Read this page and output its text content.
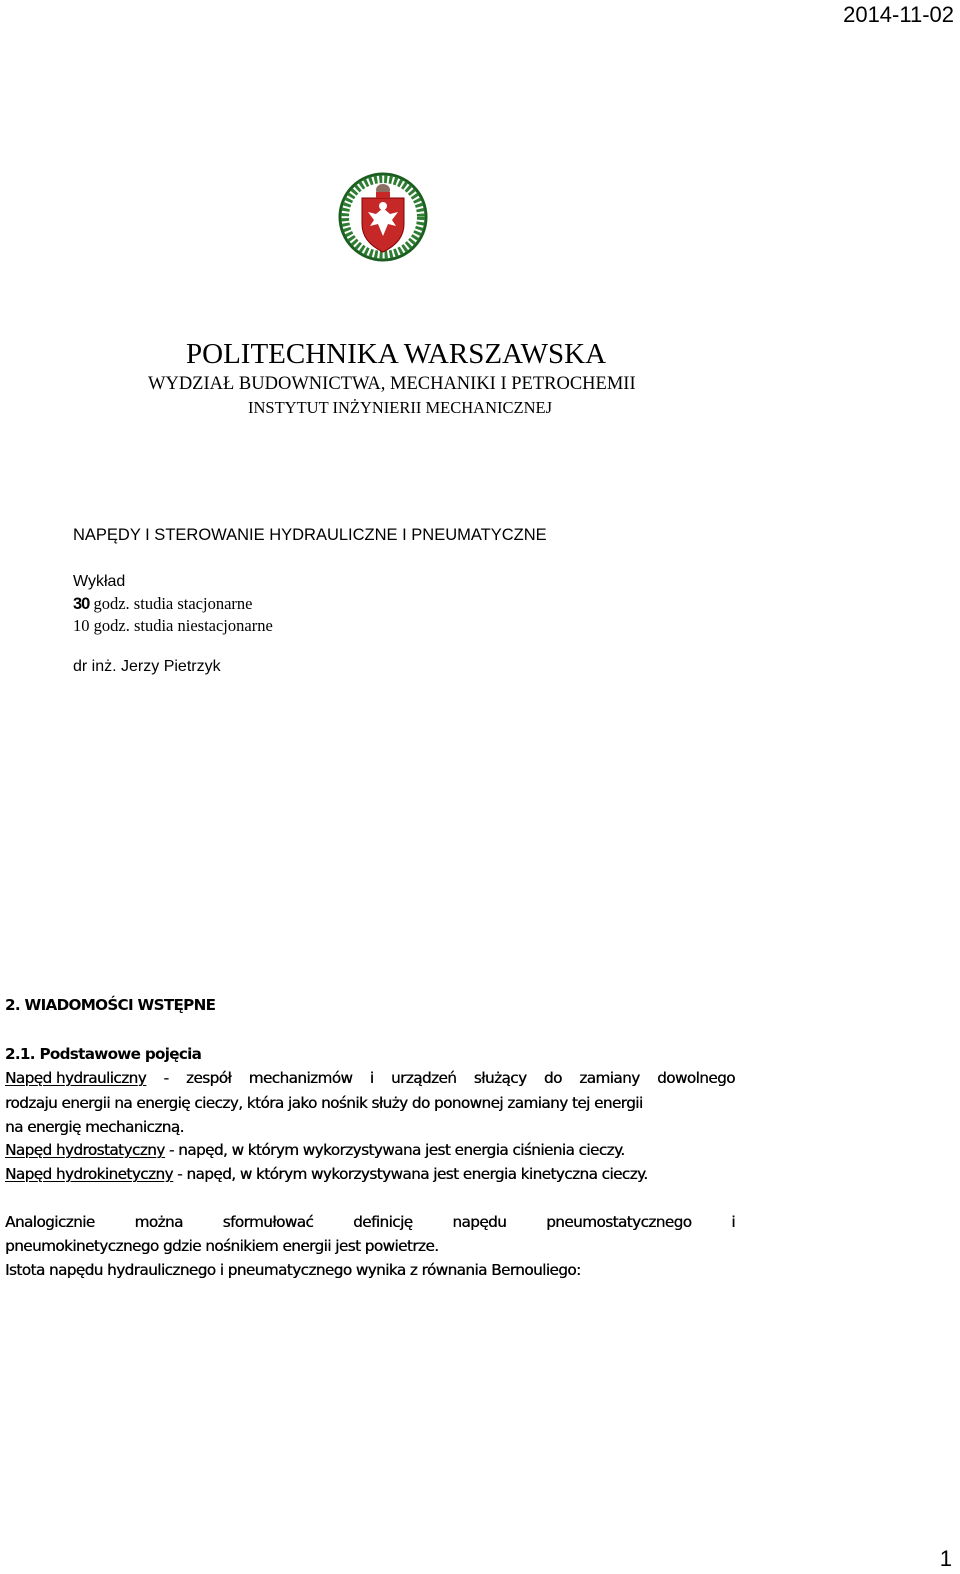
2014-11-02
POLITECHNIKA WARSZAWSKA
WYDZIAŁ BUDOWNICTWA, MECHANIKI I PETROCHEMII
INSTYTUT INŻYNIERII MECHANICZNEJ
NAPĘDY I STEROWANIE HYDRAULICZNE I PNEUMATYCZNE
Wykład
30 godz. studia stacjonarne
10 godz. studia niestacjonarne
dr inż. Jerzy Pietrzyk
2. WIADOMOŚCI WSTĘPNE
2.1. Podstawowe pojęcia
Napęd hydrauliczny - zespół mechanizmów i urządzeń służący do zamiany dowolnego
rodzaju energii na energię cieczy, która jako nośnik służy do ponownej zamiany tej energii
na energię mechaniczną.
Napęd hydrostatyczny - napęd, w którym wykorzystywana jest energia ciśnienia cieczy.
Napęd hydrokinetyczny - napęd, w którym wykorzystywana jest energia kinetyczna cieczy.
Analogicznie	można	sformułować	definicję	napędu	pneumostatycznego	i
pneumokinetycznego gdzie nośnikiem energii jest powietrze.
Istota napędu hydraulicznego i pneumatycznego wynika z równania Bernouliego:
1
